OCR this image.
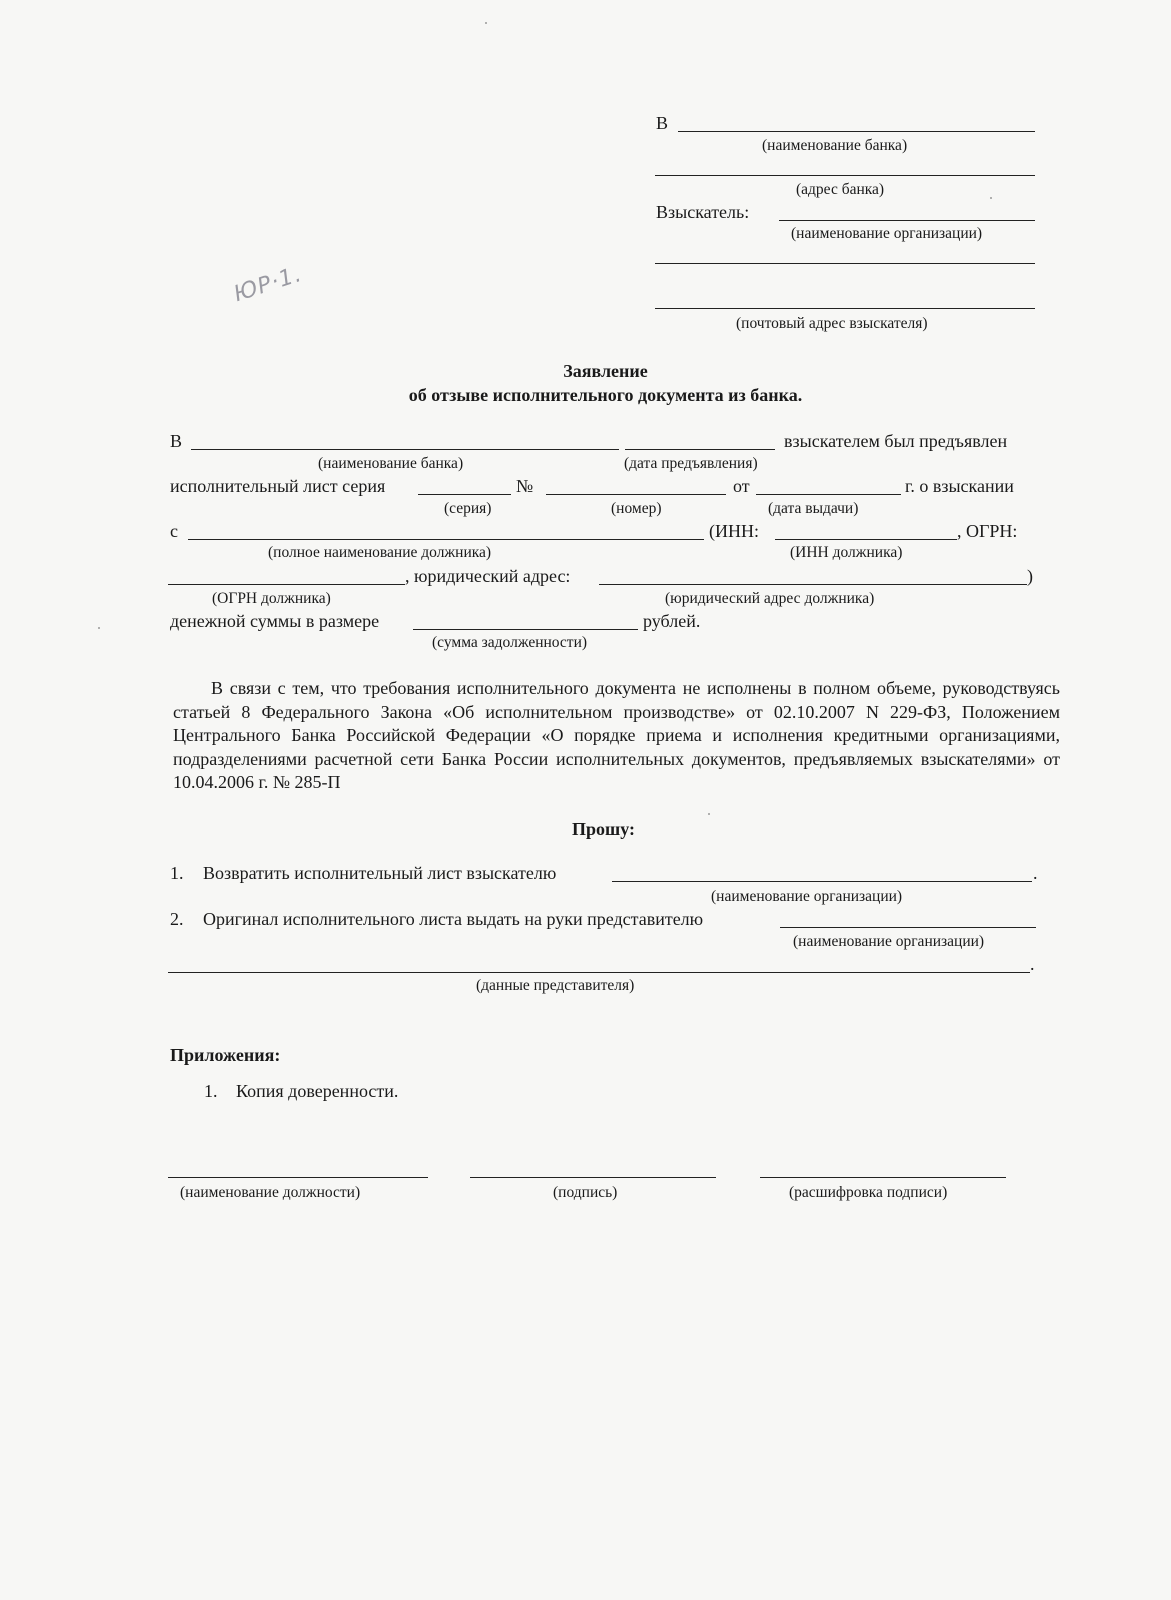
В
(наименование банка)
(адрес банка)
Взыскатель:
(наименование организации)
(почтовый адрес взыскателя)
ЮР·1.
Заявление
об отзыве исполнительного документа из банка.
В	взыскателем был предъявлен
(наименование банка)	(дата предъявления)
исполнительный лист серия	№	от	г. о взыскании
(серия)	(номер)	(дата выдачи)
с	(ИНН:	, ОГРН:
(полное наименование должника)	(ИНН должника)
, юридический адрес:	)
(ОГРН должника)	(юридический адрес должника)
денежной суммы в размере	рублей.
(сумма задолженности)
В связи с тем, что требования исполнительного документа не исполнены в полном объеме, руководствуясь статьей 8 Федерального Закона «Об исполнительном производстве» от 02.10.2007 N 229-ФЗ, Положением Центрального Банка Российской Федерации «О порядке приема и исполнения кредитными организациями, подразделениями расчетной сети Банка России исполнительных документов, предъявляемых взыскателями» от 10.04.2006 г. № 285-П
Прошу:
1. Возвратить исполнительный лист взыскателю	.
(наименование организации)
2. Оригинал исполнительного листа выдать на руки представителю
(наименование организации)
.
(данные представителя)
Приложения:
1. Копия доверенности.
(наименование должности)	(подпись)	(расшифровка подписи)
